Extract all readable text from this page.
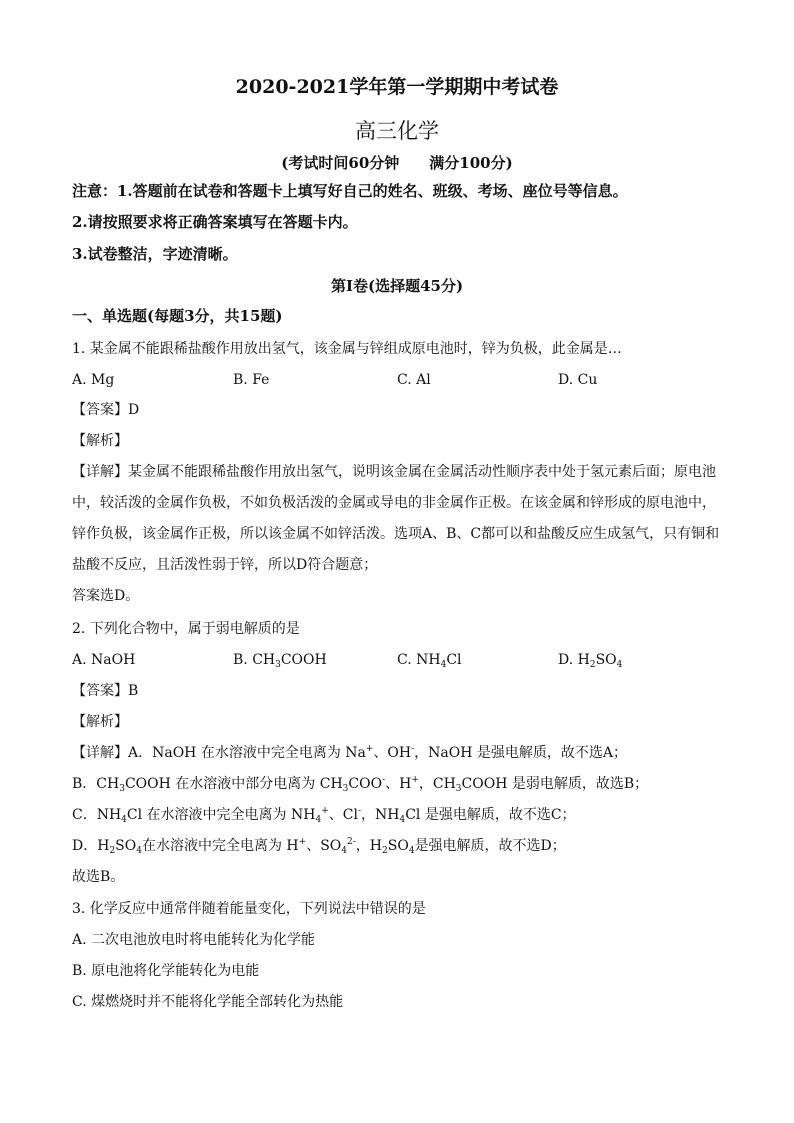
2020-2021学年第一学期期中考试卷
高三化学
(考试时间60分钟 满分100分)
注意：1.答题前在试卷和答题卡上填写好自己的姓名、班级、考场、座位号等信息。
2.请按照要求将正确答案填写在答题卡内。
3.试卷整洁，字迹清晰。
第I卷(选择题45分)
一、单选题(每题3分，共15题)
1. 某金属不能跟稀盐酸作用放出氢气，该金属与锌组成原电池时，锌为负极，此金属是…
A. Mg	B. Fe	C. Al	D. Cu
【答案】D
【解析】
【详解】某金属不能跟稀盐酸作用放出氢气，说明该金属在金属活动性顺序表中处于氢元素后面；原电池
中，较活泼的金属作负极，不如负极活泼的金属或导电的非金属作正极。在该金属和锌形成的原电池中，
锌作负极，该金属作正极，所以该金属不如锌活泼。选项A、B、C都可以和盐酸反应生成氢气，只有铜和
盐酸不反应，且活泼性弱于锌，所以D符合题意；
答案选D。
2. 下列化合物中，属于弱电解质的是
A. NaOH	B. $CH_3COOH$	C. $NH_4Cl$	D. $H_2SO_4$
【答案】B
【解析】
【详解】A．NaOH 在水溶液中完全电离为 Na+、OH-，NaOH 是强电解质，故不选A；
B．$CH_3COOH$ 在水溶液中部分电离为 $CH_3COO^-$、H+，$CH_3COOH$ 是弱电解质，故选B；
C．$NH_4Cl$ 在水溶液中完全电离为 $NH_4^+$、Cl-，$NH_4Cl$ 是强电解质，故不选C；
D．$H_2SO_4$在水溶液中完全电离为 H+、$SO_4^{2-}$，$H_2SO_4$是强电解质，故不选D；
故选B。
3. 化学反应中通常伴随着能量变化，下列说法中错误的是
A. 二次电池放电时将电能转化为化学能
B. 原电池将化学能转化为电能
C. 煤燃烧时并不能将化学能全部转化为热能
